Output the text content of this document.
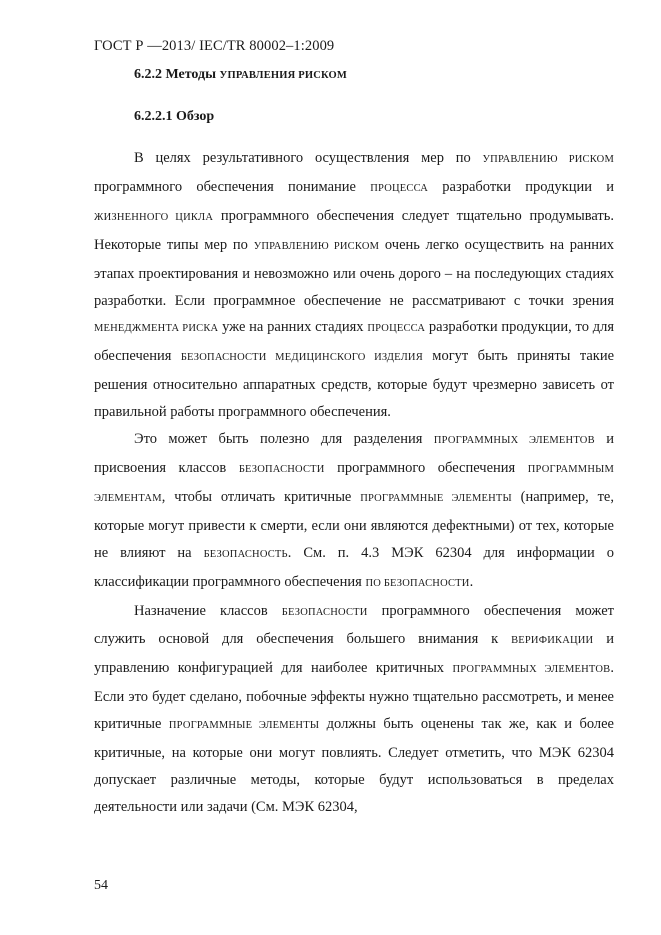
ГОСТ Р —2013/ IEC/TR 80002–1:2009
6.2.2 Методы УПРАВЛЕНИЯ РИСКОМ
6.2.2.1 Обзор

В целях результативного осуществления мер по УПРАВЛЕНИЮ РИСКОМ программного обеспечения понимание ПРОЦЕССА разработки продукции и ЖИЗНЕННОГО ЦИКЛА программного обеспечения следует тщательно продумывать. Некоторые типы мер по УПРАВЛЕНИЮ РИСКОМ очень легко осуществить на ранних этапах проектирования и невозможно или очень дорого – на последующих стадиях разработки. Если программное обеспечение не рассматривают с точки зрения МЕНЕДЖМЕНТА РИСКА уже на ранних стадиях ПРОЦЕССА разработки продукции, то для обеспечения БЕЗОПАСНОСТИ МЕДИЦИНСКОГО ИЗДЕЛИЯ могут быть приняты такие решения относительно аппаратных средств, которые будут чрезмерно зависеть от правильной работы программного обеспечения.

Это может быть полезно для разделения ПРОГРАММНЫХ ЭЛЕМЕНТОВ и присвоения классов БЕЗОПАСНОСТИ программного обеспечения ПРОГРАММНЫМ ЭЛЕМЕНТАМ, чтобы отличать критичные ПРОГРАММНЫЕ ЭЛЕМЕНТЫ (например, те, которые могут привести к смерти, если они являются дефектными) от тех, которые не влияют на БЕЗОПАСНОСТЬ. См. п. 4.3 МЭК 62304 для информации о классификации программного обеспечения ПО БЕЗОПАСНОСТИ.

Назначение классов БЕЗОПАСНОСТИ программного обеспечения может служить основой для обеспечения большего внимания к ВЕРИФИКАЦИИ и управлению конфигурацией для наиболее критичных ПРОГРАММНЫХ ЭЛЕМЕНТОВ. Если это будет сделано, побочные эффекты нужно тщательно рассмотреть, и менее критичные ПРОГРАММНЫЕ ЭЛЕМЕНТЫ должны быть оценены так же, как и более критичные, на которые они могут повлиять. Следует отметить, что МЭК 62304 допускает различные методы, которые будут использоваться в пределах деятельности или задачи (См. МЭК 62304,

54
